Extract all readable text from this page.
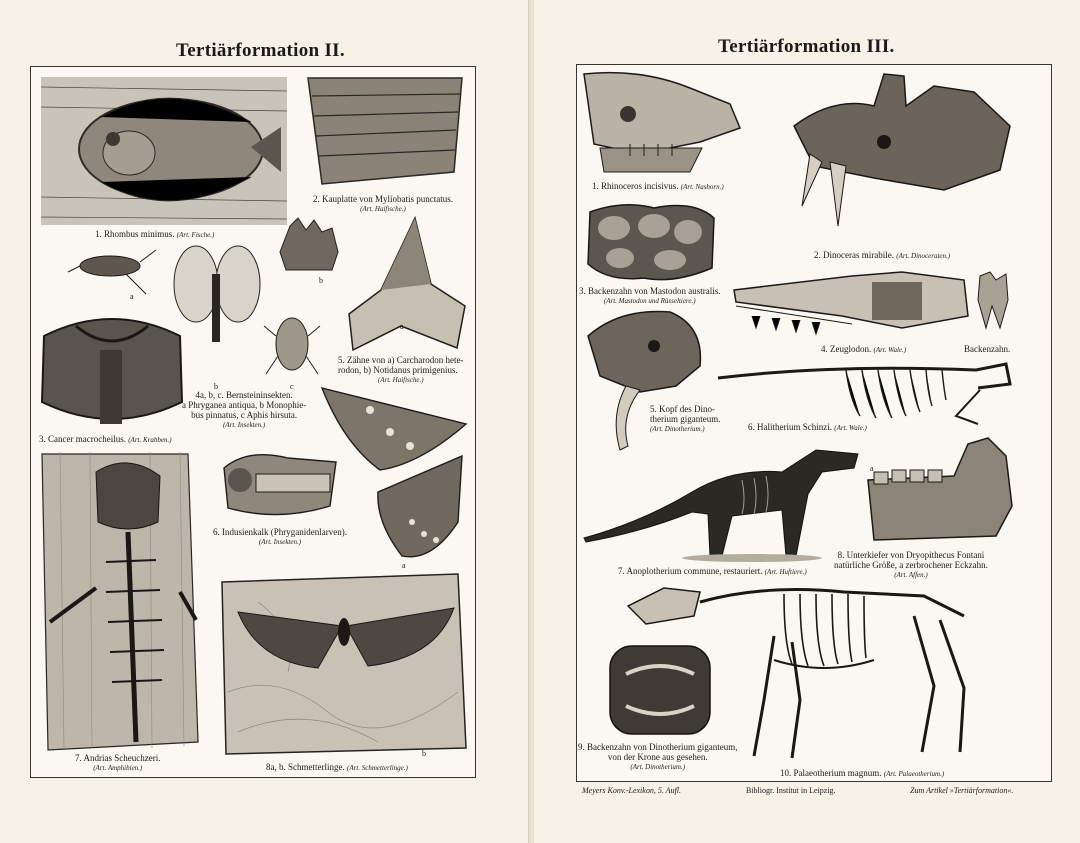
Tertiärformation II.
1. Rhombus minimus. (Art. Fische.)
2. Kauplatte von Myliobatis punctatus.
(Art. Haifische.)
b
a
5. Zähne von a) Carcharodon hete-
rodon, b) Notidanus primigenius.
(Art. Haifische.)
a
b	c
4a, b, c. Bernsteininsekten.
a Phryganea antiqua, b Monophie-
bus pinnatus, c Aphis hirsuta.
(Art. Insekten.)
3. Cancer macrocheilus. (Art. Krabben.)
a
6. Indusienkalk (Phryganidenlarven).
(Art. Insekten.)
7. Andrias Scheuchzeri.
(Art. Amphibien.)
b
8a, b. Schmetterlinge. (Art. Schmetterlinge.)
Tertiärformation III.
1. Rhinoceros incisivus. (Art. Nashorn.)
2. Dinoceras mirabile. (Art. Dinoceraten.)
3. Backenzahn von Mastodon australis.
(Art. Mastodon und Rüsseltiere.)
4. Zeuglodon. (Art. Wale.)	Backenzahn.
5. Kopf des Dino-
therium giganteum.
(Art. Dinotherium.)	6. Halitherium Schinzi. (Art. Wale.)
7. Anoplotherium commune, restauriert. (Art. Huftiere.)
a
8. Unterkiefer von Dryopithecus Fontani
natürliche Größe, a zerbrochener Eckzahn.
(Art. Affen.)
9. Backenzahn von Dinotherium giganteum,
von der Krone aus gesehen.
(Art. Dinotherium.)
10. Palaeotherium magnum. (Art. Palaeotherium.)
Meyers Konv.-Lexikon, 5. Aufl.	Bibliogr. Institut in Leipzig.	Zum Artikel »Tertiärformation«.
